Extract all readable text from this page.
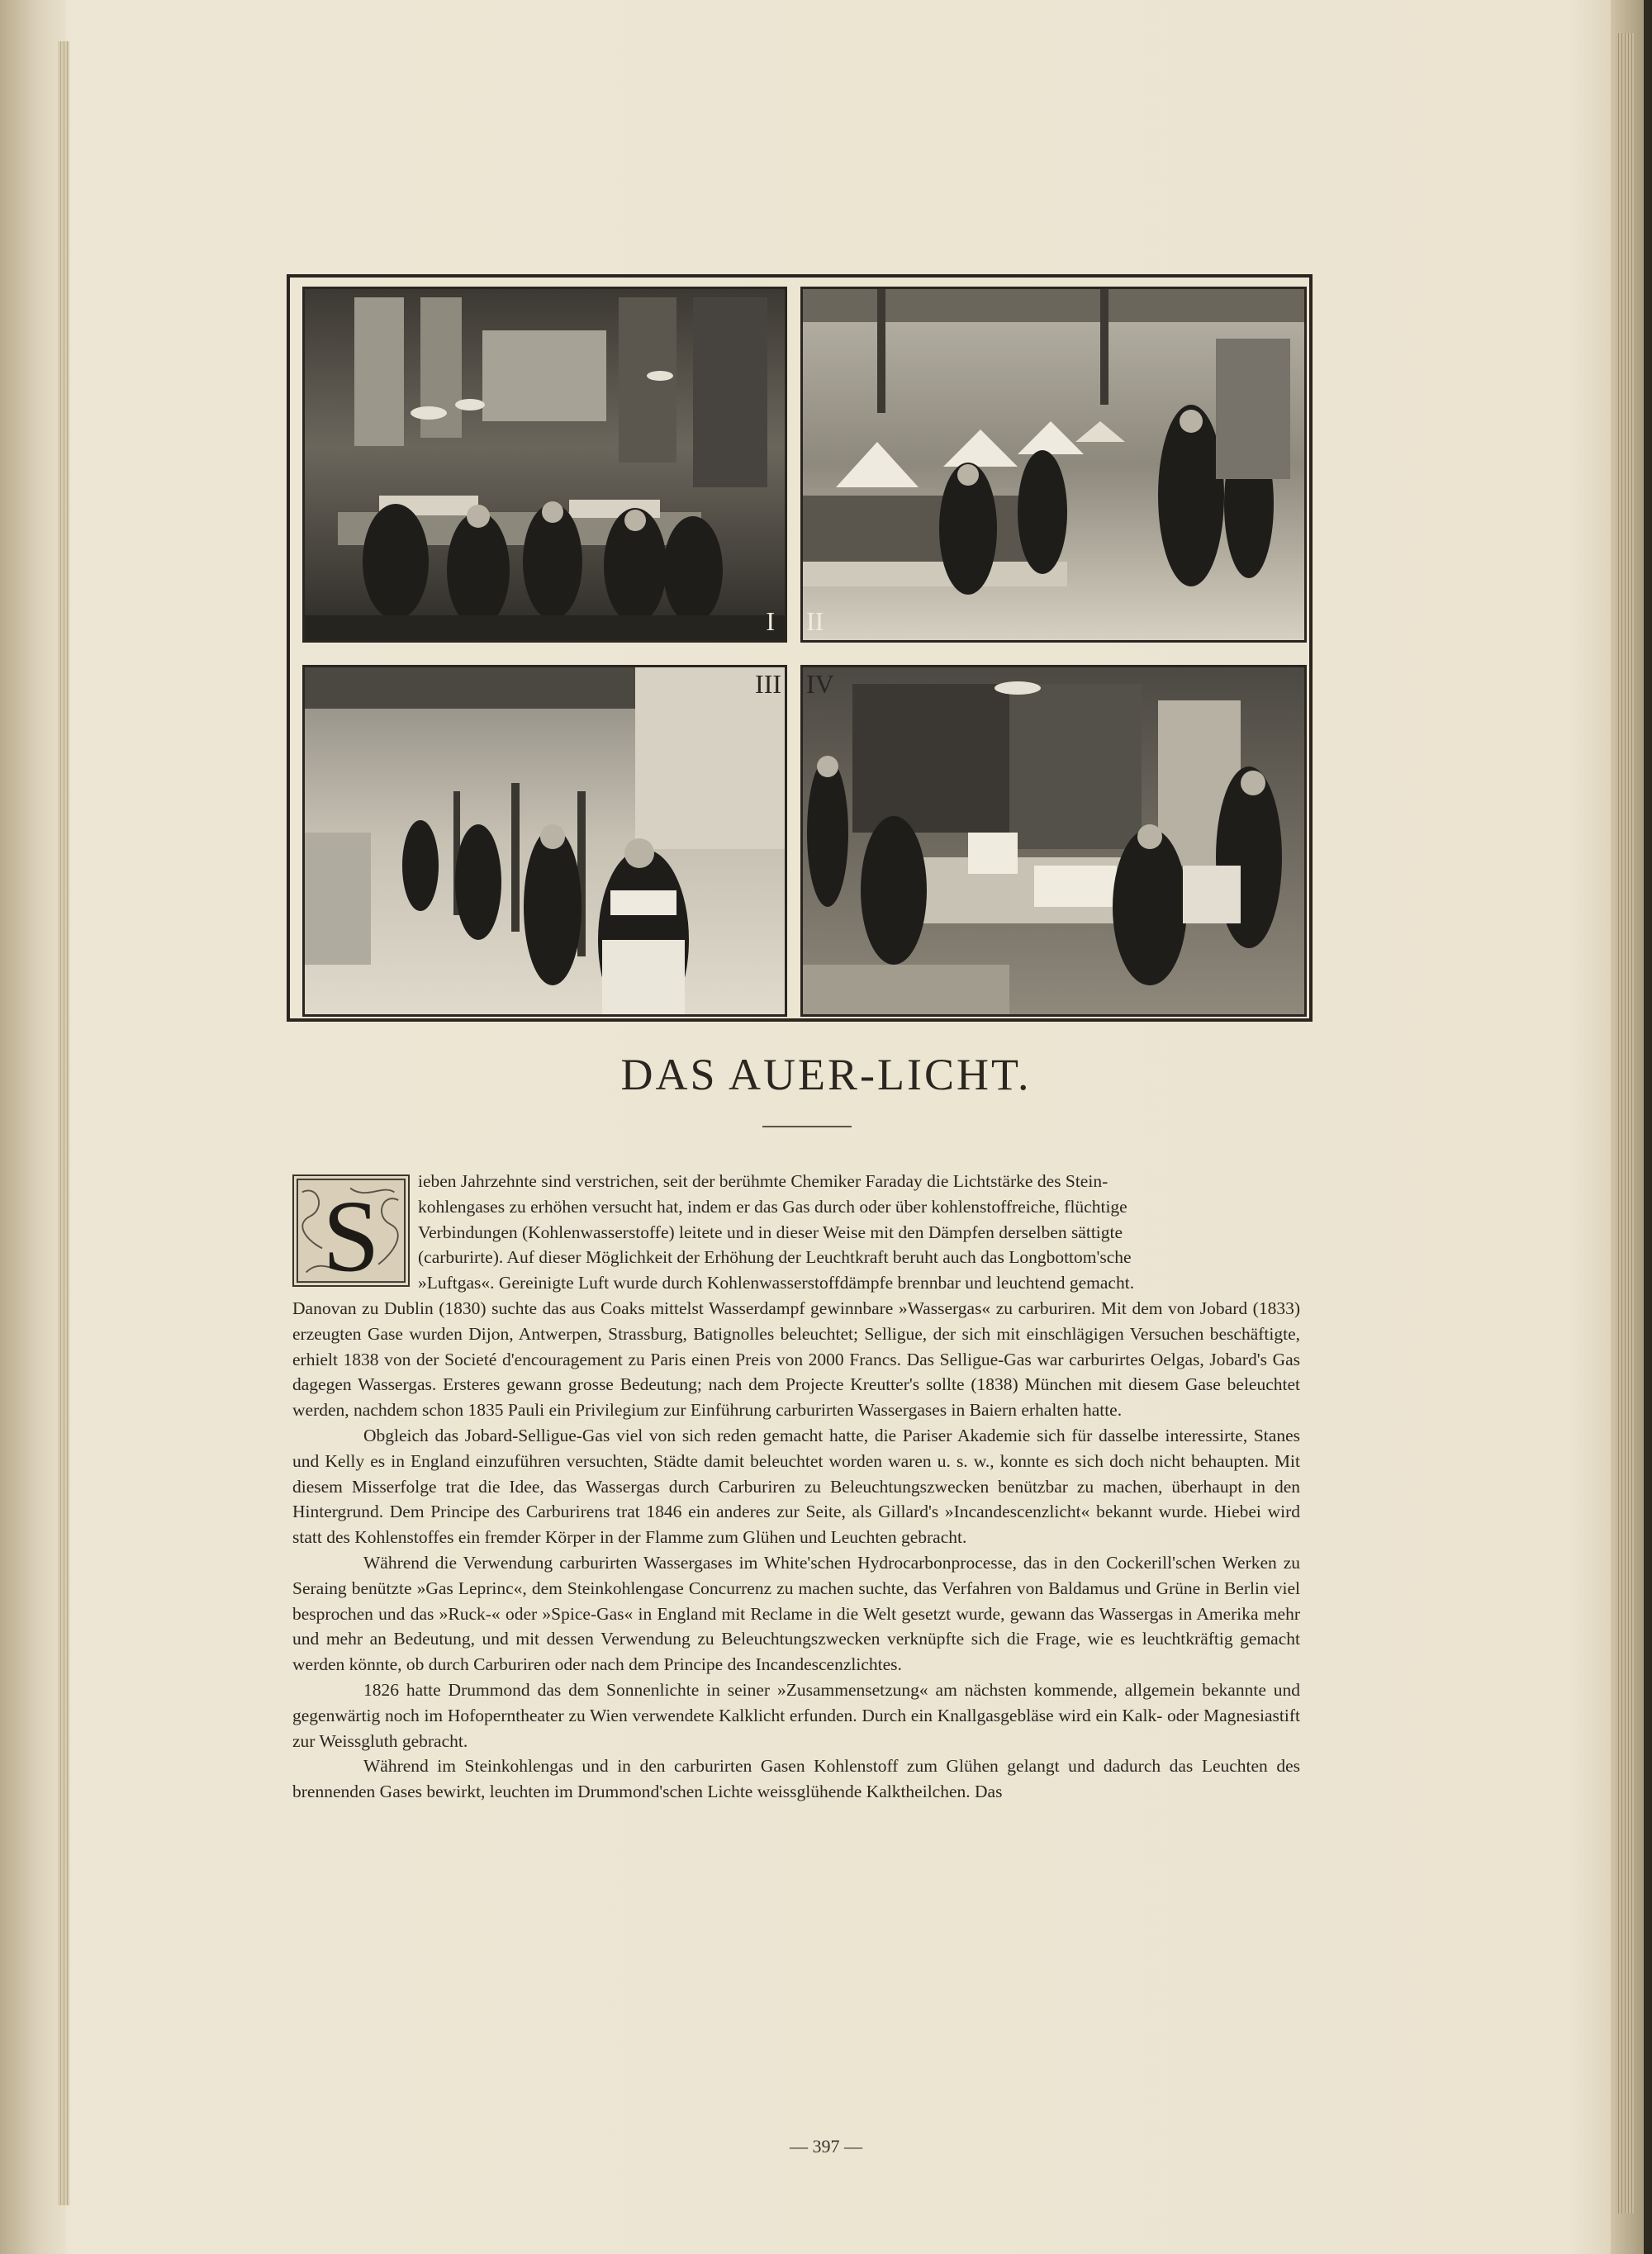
I II
III IV
DAS AUER-LICHT.
S	ieben Jahrzehnte sind verstrichen, seit der berühmte Chemiker Faraday die Lichtstärke des Stein-
kohlengases zu erhöhen versucht hat, indem er das Gas durch oder über kohlenstoffreiche, flüchtige
Verbindungen (Kohlenwasserstoffe) leitete und in dieser Weise mit den Dämpfen derselben sättigte
(carburirte). Auf dieser Möglichkeit der Erhöhung der Leuchtkraft beruht auch das Longbottom'sche
»Luftgas«. Gereinigte Luft wurde durch Kohlenwasserstoffdämpfe brennbar und leuchtend gemacht.

Danovan zu Dublin (1830) suchte das aus Coaks mittelst Wasserdampf gewinnbare »Wassergas« zu carburiren. Mit dem von Jobard (1833) erzeugten Gase wurden Dijon, Antwerpen, Strassburg, Batignolles beleuchtet; Selligue, der sich mit einschlägigen Versuchen beschäftigte, erhielt 1838 von der Societé d'encouragement zu Paris einen Preis von 2000 Francs. Das Selligue-Gas war carburirtes Oelgas, Jobard's Gas dagegen Wassergas. Ersteres gewann grosse Bedeutung; nach dem Projecte Kreutter's sollte (1838) München mit diesem Gase beleuchtet werden, nachdem schon 1835 Pauli ein Privilegium zur Einführung carburirten Wassergases in Baiern erhalten hatte.

Obgleich das Jobard-Selligue-Gas viel von sich reden gemacht hatte, die Pariser Akademie sich für dasselbe interessirte, Stanes und Kelly es in England einzuführen versuchten, Städte damit beleuchtet worden waren u. s. w., konnte es sich doch nicht behaupten. Mit diesem Misserfolge trat die Idee, das Wassergas durch Carburiren zu Beleuchtungszwecken benützbar zu machen, überhaupt in den Hintergrund. Dem Principe des Carburirens trat 1846 ein anderes zur Seite, als Gillard's »Incandescenzlicht« bekannt wurde. Hiebei wird statt des Kohlenstoffes ein fremder Körper in der Flamme zum Glühen und Leuchten gebracht.

Während die Verwendung carburirten Wassergases im White'schen Hydrocarbonprocesse, das in den Cockerill'schen Werken zu Seraing benützte »Gas Leprinc«, dem Steinkohlengase Concurrenz zu machen suchte, das Verfahren von Baldamus und Grüne in Berlin viel besprochen und das »Ruck-« oder »Spice-Gas« in England mit Reclame in die Welt gesetzt wurde, gewann das Wassergas in Amerika mehr und mehr an Bedeutung, und mit dessen Verwendung zu Beleuchtungszwecken verknüpfte sich die Frage, wie es leuchtkräftig gemacht werden könnte, ob durch Carburiren oder nach dem Principe des Incandescenzlichtes.

1826 hatte Drummond das dem Sonnenlichte in seiner »Zusammensetzung« am nächsten kommende, allgemein bekannte und gegenwärtig noch im Hofoperntheater zu Wien verwendete Kalklicht erfunden. Durch ein Knallgasgebläse wird ein Kalk- oder Magnesiastift zur Weissgluth gebracht.

Während im Steinkohlengas und in den carburirten Gasen Kohlenstoff zum Glühen gelangt und dadurch das Leuchten des brennenden Gases bewirkt, leuchten im Drummond'schen Lichte weissglühende Kalktheilchen. Das

— 397 —
